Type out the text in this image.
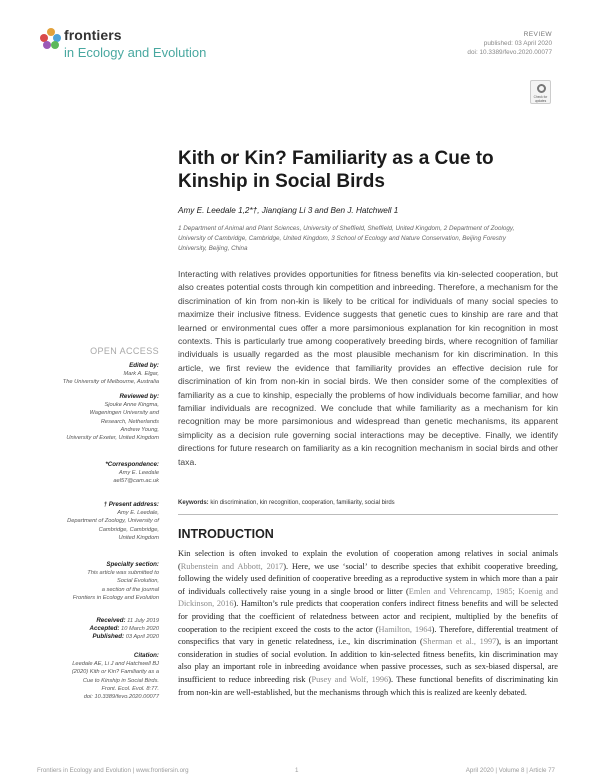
frontiers
in Ecology and Evolution
REVIEW
published: 03 April 2020
doi: 10.3389/fevo.2020.00077
Check for updates
Kith or Kin? Familiarity as a Cue to
Kinship in Social Birds
Amy E. Leedale 1,2*†, Jianqiang Li 3 and Ben J. Hatchwell 1
1 Department of Animal and Plant Sciences, University of Sheffield, Sheffield, United Kingdom, 2 Department of Zoology,
University of Cambridge, Cambridge, United Kingdom, 3 School of Ecology and Nature Conservation, Beijing Forestry
University, Beijing, China
Interacting with relatives provides opportunities for fitness benefits via kin-selected cooperation, but also creates potential costs through kin competition and inbreeding. Therefore, a mechanism for the discrimination of kin from non-kin is likely to be critical for individuals of many social species to maximize their inclusive fitness. Evidence suggests that genetic cues to kinship are rare and that learned or environmental cues offer a more parsimonious explanation for kin recognition in most contexts. This is particularly true among cooperatively breeding birds, where recognition of familiar individuals is usually regarded as the most plausible mechanism for kin discrimination. In this article, we first review the evidence that familiarity provides an effective decision rule for discrimination of kin from non-kin in social birds. We then consider some of the complexities of familiarity as a cue to kinship, especially the problems of how individuals become familiar, and how familiar individuals are recognized. We conclude that while familiarity as a mechanism for kin recognition may be more parsimonious and widespread than genetic mechanisms, its apparent simplicity as a decision rule governing social interactions may be deceptive. Finally, we identify directions for future research on familiarity as a kin recognition mechanism in social birds and other taxa.
Keywords: kin discrimination, kin recognition, cooperation, familiarity, social birds
INTRODUCTION
Kin selection is often invoked to explain the evolution of cooperation among relatives in social animals (Rubenstein and Abbott, 2017). Here, we use ‘social’ to describe species that exhibit cooperative breeding, following the widely used definition of cooperative breeding as a reproductive system in which more than a pair of individuals collectively raise young in a single brood or litter (Emlen and Vehrencamp, 1985; Koenig and Dickinson, 2016). Hamilton’s rule predicts that cooperation confers indirect fitness benefits and will be selected for providing that the coefficient of relatedness between actor and recipient, multiplied by the benefits of cooperation to the recipient exceed the costs to the actor (Hamilton, 1964). Therefore, differential treatment of conspecifics that vary in genetic relatedness, i.e., kin discrimination (Sherman et al., 1997), is an important consideration in studies of social evolution. In addition to kin-selected fitness benefits, kin discrimination may also play an important role in inbreeding avoidance when passive processes, such as sex-biased dispersal, are insufficient to reduce inbreeding risk (Pusey and Wolf, 1996). These functional benefits of discriminating kin from non-kin are well-established, but the mechanisms through which this is realized are keenly debated.
OPEN ACCESS
Edited by:
Mark A. Elgar,
The University of Melbourne, Australia
Reviewed by:
Sjouke Anne Kingma,
Wageningen University and
Research, Netherlands
Andrew Young,
University of Exeter, United Kingdom
*Correspondence:
Amy E. Leedale
ael57@cam.ac.uk
† Present address:
Amy E. Leedale,
Department of Zoology, University of
Cambridge, Cambridge,
United Kingdom
Specialty section:
This article was submitted to
Social Evolution,
a section of the journal
Frontiers in Ecology and Evolution
Received: 11 July 2019
Accepted: 10 March 2020
Published: 03 April 2020
Citation:
Leedale AE, Li J and Hatchwell BJ
(2020) Kith or Kin? Familiarity as a
Cue to Kinship in Social Birds.
Front. Ecol. Evol. 8:77.
doi: 10.3389/fevo.2020.00077
Frontiers in Ecology and Evolution | www.frontiersin.org	1	April 2020 | Volume 8 | Article 77
